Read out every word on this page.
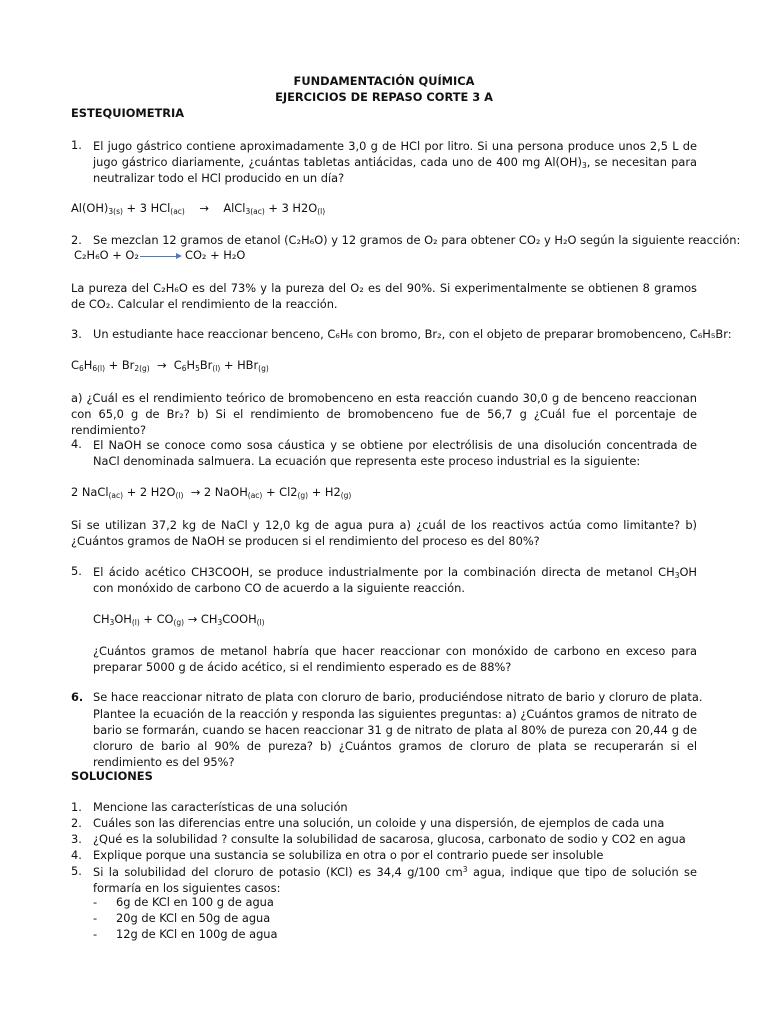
FUNDAMENTACIÓN QUÍMICA
EJERCICIOS DE REPASO CORTE 3 A
ESTEQUIOMETRIA
1. El jugo gástrico contiene aproximadamente 3,0 g de HCl por litro. Si una persona produce unos 2,5 L de jugo gástrico diariamente, ¿cuántas tabletas antiácidas, cada uno de 400 mg $Al(OH)_3$, se necesitan para neutralizar todo el HCl producido en un día?
$Al(OH)_{3(s)} + 3$ HCl$_{(ac)}$    →    AlCl$_{3(ac)}$ + 3 $H2O_{(l)}$
2. Se mezclan 12 gramos de etanol (C₂H₆O) y 12 gramos de O₂ para obtener CO₂ y H₂O según la siguiente reacción:
C₂H₆O + O₂	CO₂ + H₂O
La pureza del C₂H₆O es del 73% y la pureza del O₂ es del 90%. Si experimentalmente se obtienen 8 gramos de CO₂. Calcular el rendimiento de la reacción.
3. Un estudiante hace reaccionar benceno, C₆H₆ con bromo, Br₂, con el objeto de preparar bromobenceno, C₆H₅Br:
$C_6H_{6(l)} + Br_{2(g)} \to C_6H_5Br_{(l)} + HBr_{(g)}$
a) ¿Cuál es el rendimiento teórico de bromobenceno en esta reacción cuando 30,0 g de benceno reaccionan con 65,0 g de Br₂? b) Si el rendimiento de bromobenceno fue de 56,7 g ¿Cuál fue el porcentaje de rendimiento?
4. El NaOH se conoce como sosa cáustica y se obtiene por electrólisis de una disolución concentrada de NaCl denominada salmuera. La ecuación que representa este proceso industrial es la siguiente:
2 NaCl$_{(ac)}$ + 2 $H2O_{(l)} \to 2$ NaOH$_{(ac)}$ + $Cl2_{(g)} + H2_{(g)}$
Si se utilizan 37,2 kg de NaCl y 12,0 kg de agua pura a) ¿cuál de los reactivos actúa como limitante? b) ¿Cuántos gramos de NaOH se producen si el rendimiento del proceso es del 80%?
5. El ácido acético CH3COOH, se produce industrialmente por la combinación directa de metanol $CH_3OH$ con monóxido de carbono CO de acuerdo a la siguiente reacción.
$CH_3OH_{(l)} + CO_{(g)}$ → $CH_3COOH_{(l)}$
¿Cuántos gramos de metanol habría que hacer reaccionar con monóxido de carbono en exceso para preparar 5000 g de ácido acético, si el rendimiento esperado es de 88%?
6. Se hace reaccionar nitrato de plata con cloruro de bario, produciéndose nitrato de bario y cloruro de plata.
Plantee la ecuación de la reacción y responda las siguientes preguntas: a) ¿Cuántos gramos de nitrato de bario se formarán, cuando se hacen reaccionar 31 g de nitrato de plata al 80% de pureza con 20,44 g de cloruro de bario al 90% de pureza? b) ¿Cuántos gramos de cloruro de plata se recuperarán si el rendimiento es del 95%?
SOLUCIONES
1. Mencione las características de una solución
2. Cuáles son las diferencias entre una solución, un coloide y una dispersión, de ejemplos de cada una
3. ¿Qué es la solubilidad ? consulte la solubilidad de sacarosa, glucosa, carbonato de sodio y CO2 en agua
4. Explique porque una sustancia se solubiliza en otra o por el contrario puede ser insoluble
5. Si la solubilidad del cloruro de potasio (KCl) es 34,4 g/100 $cm^3$ agua, indique que tipo de solución se formaría en los siguientes casos:
- 6g de KCl en 100 g de agua
- 20g de KCl en 50g de agua
- 12g de KCl en 100g de agua
